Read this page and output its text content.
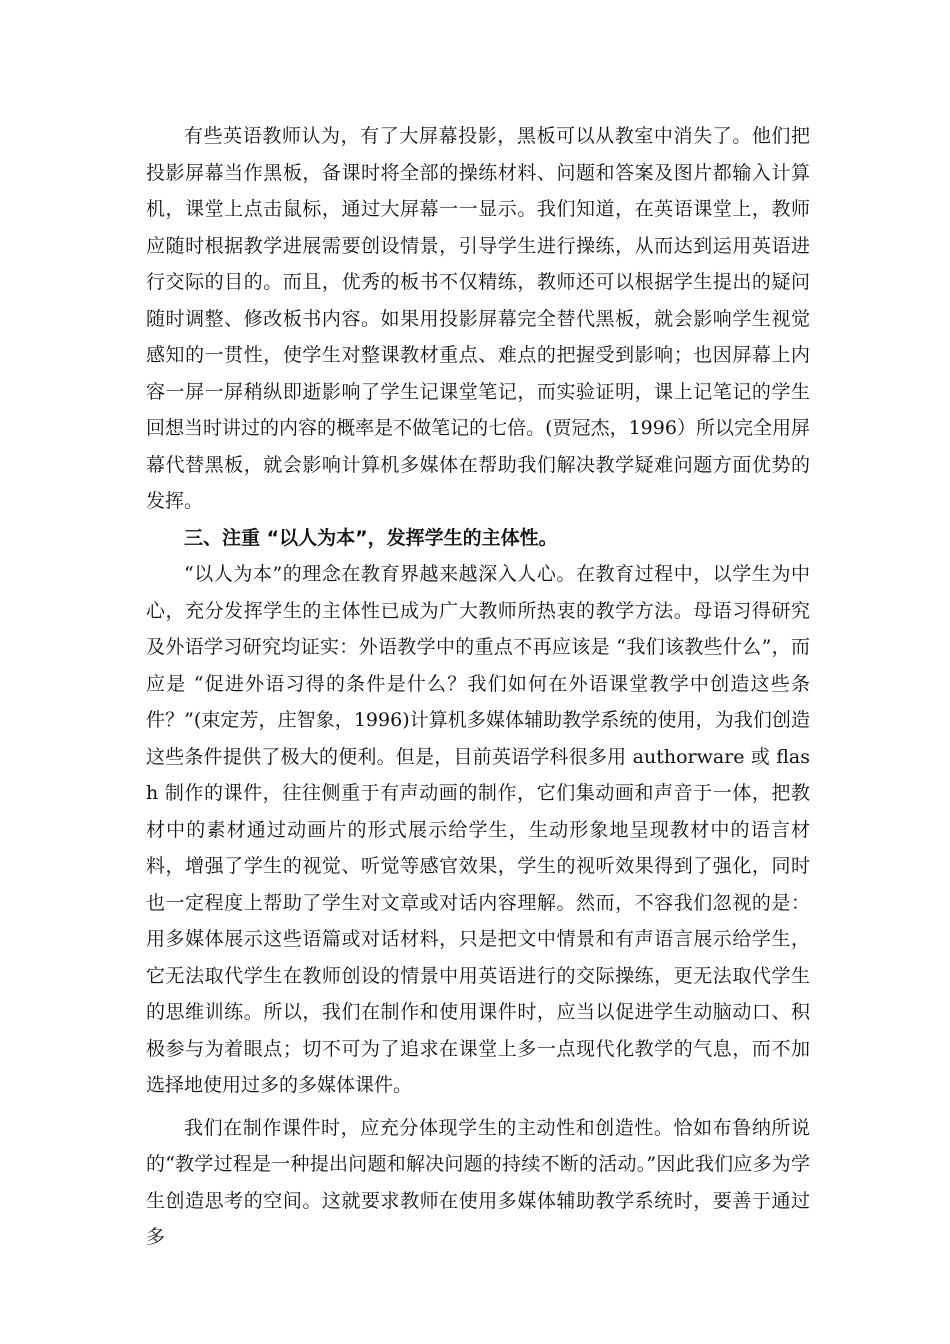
有些英语教师认为，有了大屏幕投影，黑板可以从教室中消失了。他们把投影屏幕当作黑板，备课时将全部的操练材料、问题和答案及图片都输入计算机，课堂上点击鼠标，通过大屏幕一一显示。我们知道，在英语课堂上，教师应随时根据教学进展需要创设情景，引导学生进行操练，从而达到运用英语进行交际的目的。而且，优秀的板书不仅精练，教师还可以根据学生提出的疑问随时调整、修改板书内容。如果用投影屏幕完全替代黑板，就会影响学生视觉感知的一贯性，使学生对整课教材重点、难点的把握受到影响；也因屏幕上内容一屏一屏稍纵即逝影响了学生记课堂笔记，而实验证明，课上记笔记的学生回想当时讲过的内容的概率是不做笔记的七倍。(贾冠杰，1996）所以完全用屏幕代替黑板，就会影响计算机多媒体在帮助我们解决教学疑难问题方面优势的发挥。

三、注重 “以人为本”，发挥学生的主体性。

“以人为本”的理念在教育界越来越深入人心。在教育过程中，以学生为中心，充分发挥学生的主体性已成为广大教师所热衷的教学方法。母语习得研究及外语学习研究均证实：外语教学中的重点不再应该是 “我们该教些什么”，而应是 “促进外语习得的条件是什么？我们如何在外语课堂教学中创造这些条件？”(束定芳，庄智象，1996)计算机多媒体辅助教学系统的使用，为我们创造这些条件提供了极大的便利。但是，目前英语学科很多用 authorware 或 flash 制作的课件，往往侧重于有声动画的制作，它们集动画和声音于一体，把教材中的素材通过动画片的形式展示给学生，生动形象地呈现教材中的语言材料，增强了学生的视觉、听觉等感官效果，学生的视听效果得到了强化，同时也一定程度上帮助了学生对文章或对话内容理解。然而，不容我们忽视的是：用多媒体展示这些语篇或对话材料，只是把文中情景和有声语言展示给学生，它无法取代学生在教师创设的情景中用英语进行的交际操练，更无法取代学生的思维训练。所以，我们在制作和使用课件时，应当以促进学生动脑动口、积极参与为着眼点；切不可为了追求在课堂上多一点现代化教学的气息，而不加选择地使用过多的多媒体课件。

我们在制作课件时，应充分体现学生的主动性和创造性。恰如布鲁纳所说的“教学过程是一种提出问题和解决问题的持续不断的活动。”因此我们应多为学生创造思考的空间。这就要求教师在使用多媒体辅助教学系统时，要善于通过多
